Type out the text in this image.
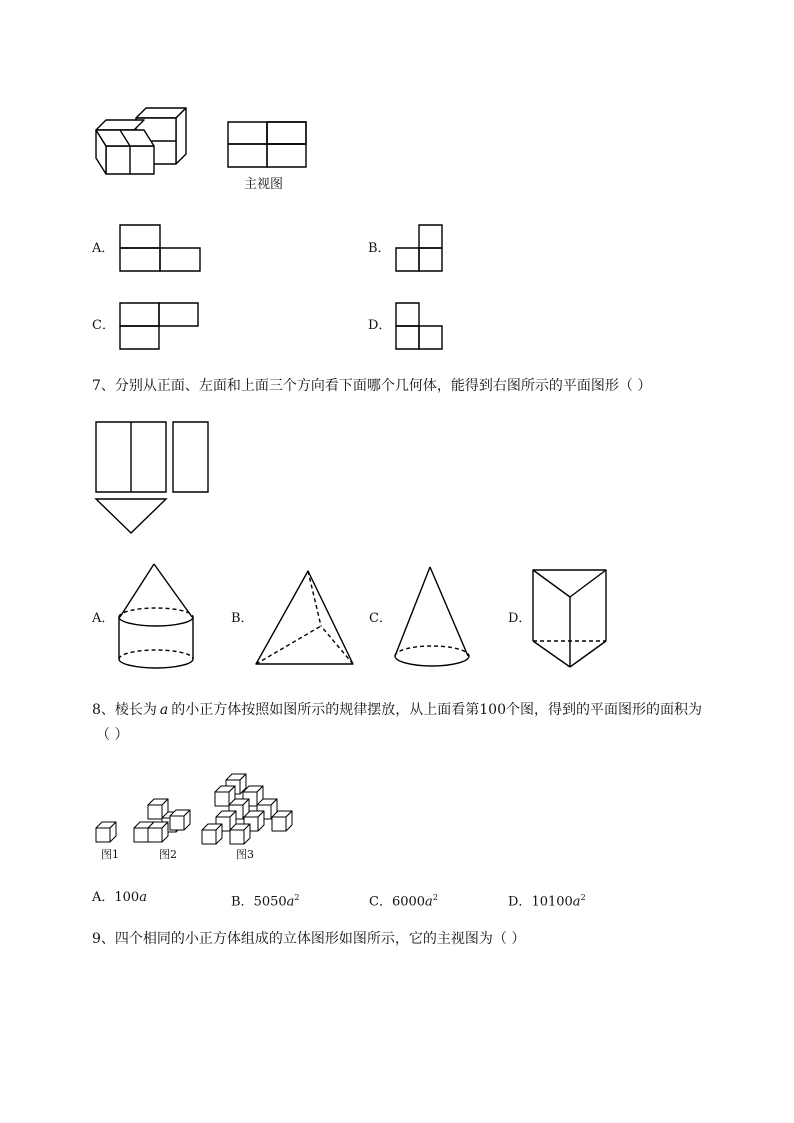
主视图
A．	B．
C．	D．
7、分别从正面、左面和上面三个方向看下面哪个几何体，能得到右图所示的平面图形（ ）
A．	B．	C．	D．
8、棱长为 a 的小正方体按照如图所示的规律摆放，从上面看第100个图，得到的平面图形的面积为
（ ）
图1	图2	图3
A．100a	B．$5050a^2$	C．$6000a^2$	D．$10100a^2$
9、四个相同的小正方体组成的立体图形如图所示，它的主视图为（ ）
